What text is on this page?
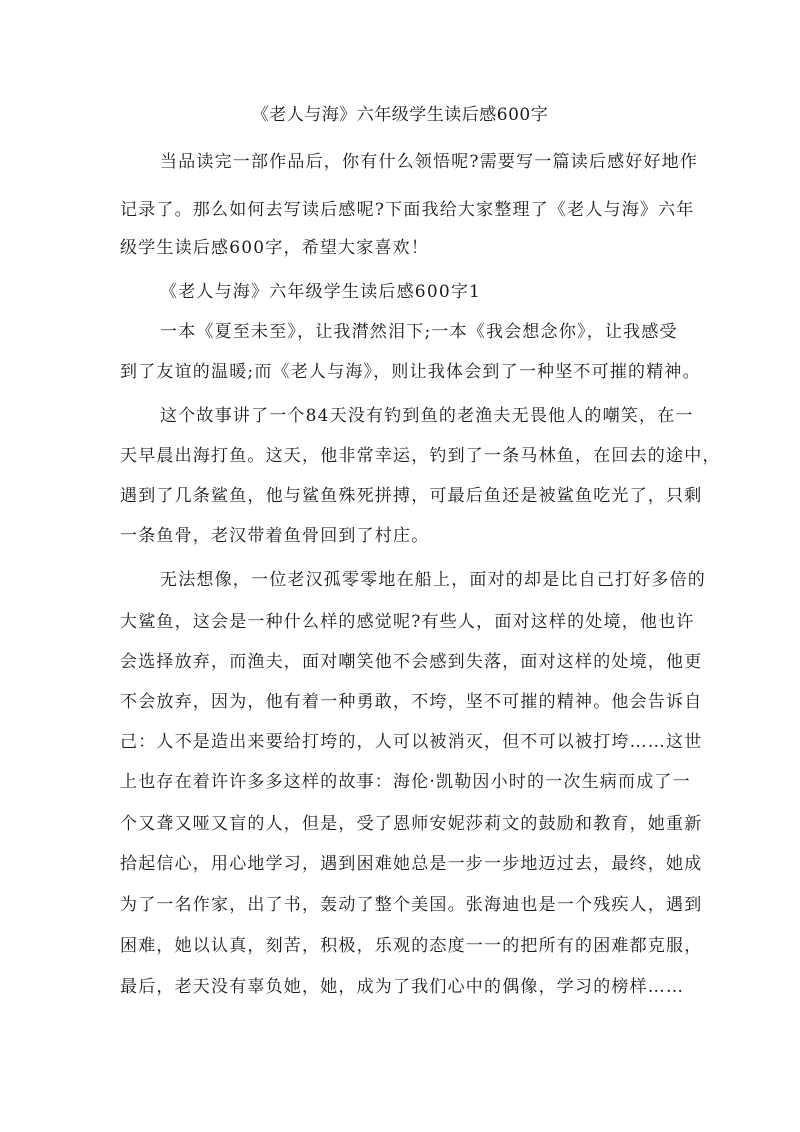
《老人与海》六年级学生读后感600字

当品读完一部作品后，你有什么领悟呢?需要写一篇读后感好好地作

记录了。那么如何去写读后感呢?下面我给大家整理了《老人与海》六年

级学生读后感600字，希望大家喜欢！

《老人与海》六年级学生读后感600字1

一本《夏至未至》，让我潸然泪下;一本《我会想念你》，让我感受

到了友谊的温暖;而《老人与海》，则让我体会到了一种坚不可摧的精神。

这个故事讲了一个84天没有钓到鱼的老渔夫无畏他人的嘲笑，在一

天早晨出海打鱼。这天，他非常幸运，钓到了一条马林鱼，在回去的途中，

遇到了几条鲨鱼，他与鲨鱼殊死拼搏，可最后鱼还是被鲨鱼吃光了，只剩

一条鱼骨，老汉带着鱼骨回到了村庄。

无法想像，一位老汉孤零零地在船上，面对的却是比自己打好多倍的

大鲨鱼，这会是一种什么样的感觉呢?有些人，面对这样的处境，他也许

会选择放弃，而渔夫，面对嘲笑他不会感到失落，面对这样的处境，他更

不会放弃，因为，他有着一种勇敢，不垮，坚不可摧的精神。他会告诉自

己：人不是造出来要给打垮的，人可以被消灭，但不可以被打垮……这世

上也存在着许许多多这样的故事：海伦·凯勒因小时的一次生病而成了一

个又聋又哑又盲的人，但是，受了恩师安妮莎莉文的鼓励和教育，她重新

拾起信心，用心地学习，遇到困难她总是一步一步地迈过去，最终，她成

为了一名作家，出了书，轰动了整个美国。张海迪也是一个残疾人，遇到

困难，她以认真，刻苦，积极，乐观的态度一一的把所有的困难都克服，

最后，老天没有辜负她，她，成为了我们心中的偶像，学习的榜样……
